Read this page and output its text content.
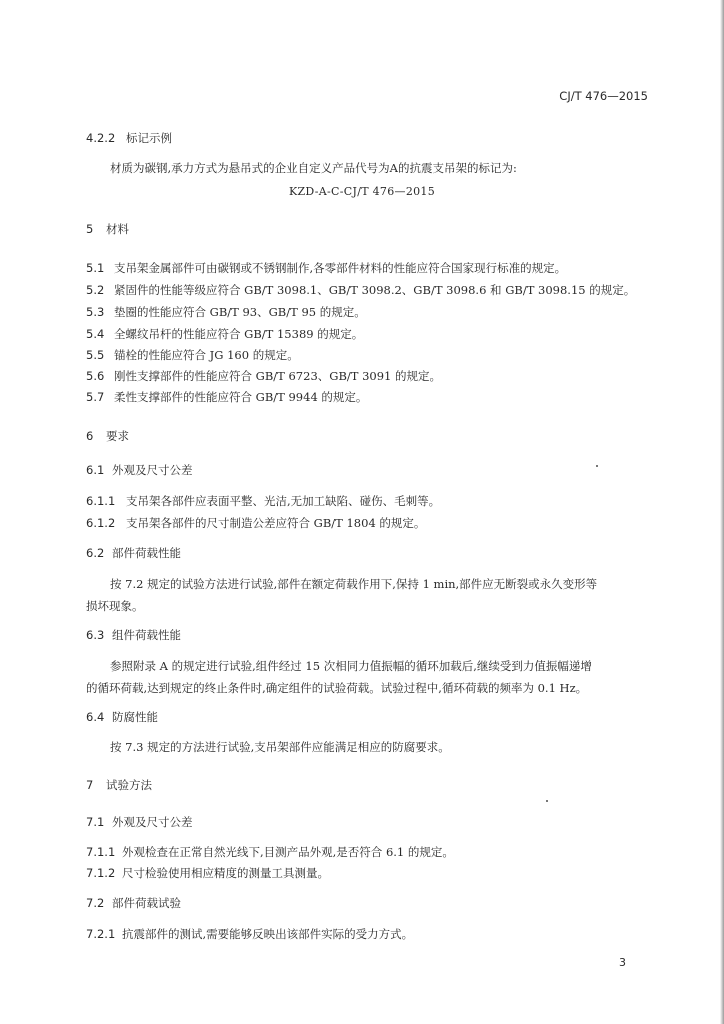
CJ/T 476—2015
4.2.2 标记示例
材质为碳钢,承力方式为悬吊式的企业自定义产品代号为A的抗震支吊架的标记为:
KZD-A-C-CJ/T 476—2015
5 材料
5.1 支吊架金属部件可由碳钢或不锈钢制作,各零部件材料的性能应符合国家现行标准的规定。
5.2 紧固件的性能等级应符合 GB/T 3098.1、GB/T 3098.2、GB/T 3098.6 和 GB/T 3098.15 的规定。
5.3 垫圈的性能应符合 GB/T 93、GB/T 95 的规定。
5.4 全螺纹吊杆的性能应符合 GB/T 15389 的规定。
5.5 锚栓的性能应符合 JG 160 的规定。
5.6 刚性支撑部件的性能应符合 GB/T 6723、GB/T 3091 的规定。
5.7 柔性支撑部件的性能应符合 GB/T 9944 的规定。
6 要求
6.1 外观及尺寸公差
6.1.1 支吊架各部件应表面平整、光洁,无加工缺陷、碰伤、毛刺等。
6.1.2 支吊架各部件的尺寸制造公差应符合 GB/T 1804 的规定。
6.2 部件荷载性能
按 7.2 规定的试验方法进行试验,部件在额定荷载作用下,保持 1 min,部件应无断裂或永久变形等
损坏现象。
6.3 组件荷载性能
参照附录 A 的规定进行试验,组件经过 15 次相同力值振幅的循环加载后,继续受到力值振幅递增
的循环荷载,达到规定的终止条件时,确定组件的试验荷载。试验过程中,循环荷载的频率为 0.1 Hz。
6.4 防腐性能
按 7.3 规定的方法进行试验,支吊架部件应能满足相应的防腐要求。
7 试验方法
7.1 外观及尺寸公差
7.1.1 外观检查在正常自然光线下,目测产品外观,是否符合 6.1 的规定。
7.1.2 尺寸检验使用相应精度的测量工具测量。
7.2 部件荷载试验
7.2.1 抗震部件的测试,需要能够反映出该部件实际的受力方式。
3
